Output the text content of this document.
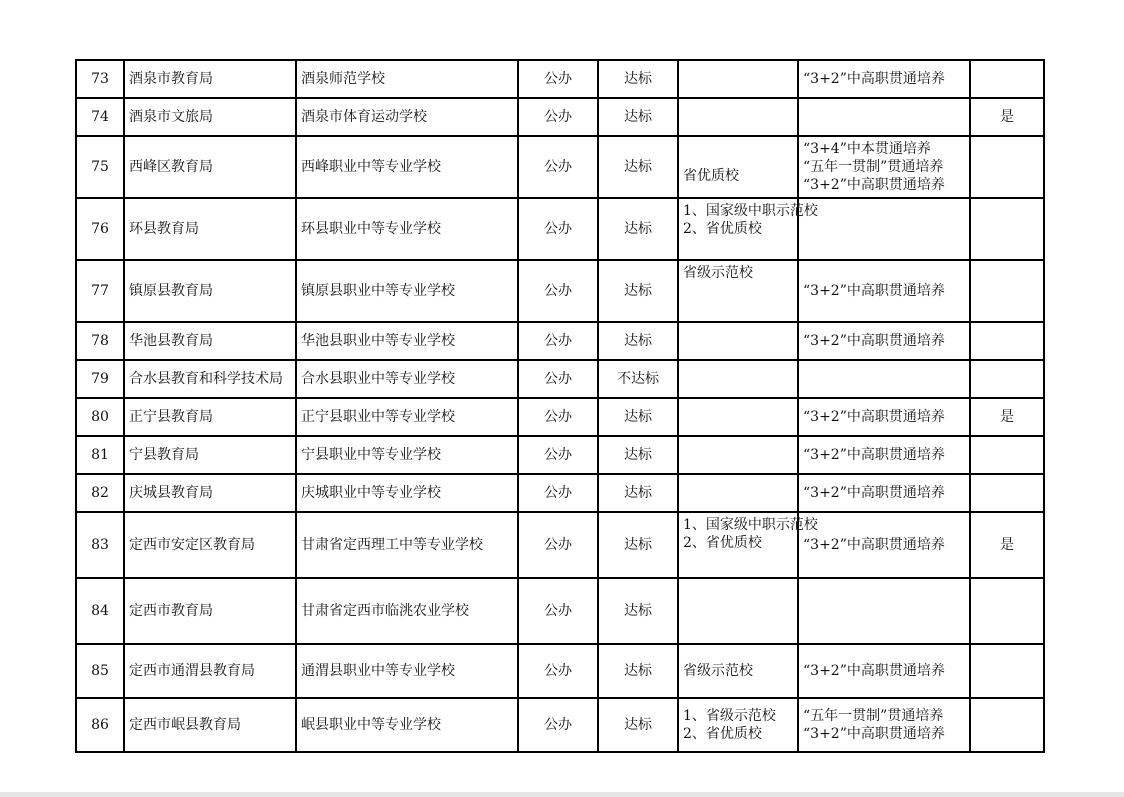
73	酒泉市教育局	酒泉师范学校	公办	达标		“3+2”中高职贯通培养	

74	酒泉市文旅局	酒泉市体育运动学校	公办	达标			是
75	西峰区教育局	西峰职业中等专业学校	公办	达标	省优质校	“3+4”中本贯通培养
“五年一贯制”贯通培养
“3+2”中高职贯通培养	

76	环县教育局	环县职业中等专业学校	公办	达标	1、国家级中职示范校
2、省优质校		

77	镇原县教育局	镇原县职业中等专业学校	公办	达标	省级示范校	“3+2”中高职贯通培养	

78	华池县教育局	华池县职业中等专业学校	公办	达标		“3+2”中高职贯通培养	

79	合水县教育和科学技术局	合水县职业中等专业学校	公办	不达标			
80	正宁县教育局	正宁县职业中等专业学校	公办	达标		“3+2”中高职贯通培养	是
81	宁县教育局	宁县职业中等专业学校	公办	达标		“3+2”中高职贯通培养	

82	庆城县教育局	庆城职业中等专业学校	公办	达标		“3+2”中高职贯通培养	

83	定西市安定区教育局	甘肃省定西理工中等专业学校	公办	达标	1、国家级中职示范校
2、省优质校	“3+2”中高职贯通培养	是
84	定西市教育局	甘肃省定西市临洮农业学校	公办	达标			
85	定西市通渭县教育局	通渭县职业中等专业学校	公办	达标	省级示范校	“3+2”中高职贯通培养	

86	定西市岷县教育局	岷县职业中等专业学校	公办	达标	1、省级示范校
2、省优质校	“五年一贯制”贯通培养
“3+2”中高职贯通培养	
